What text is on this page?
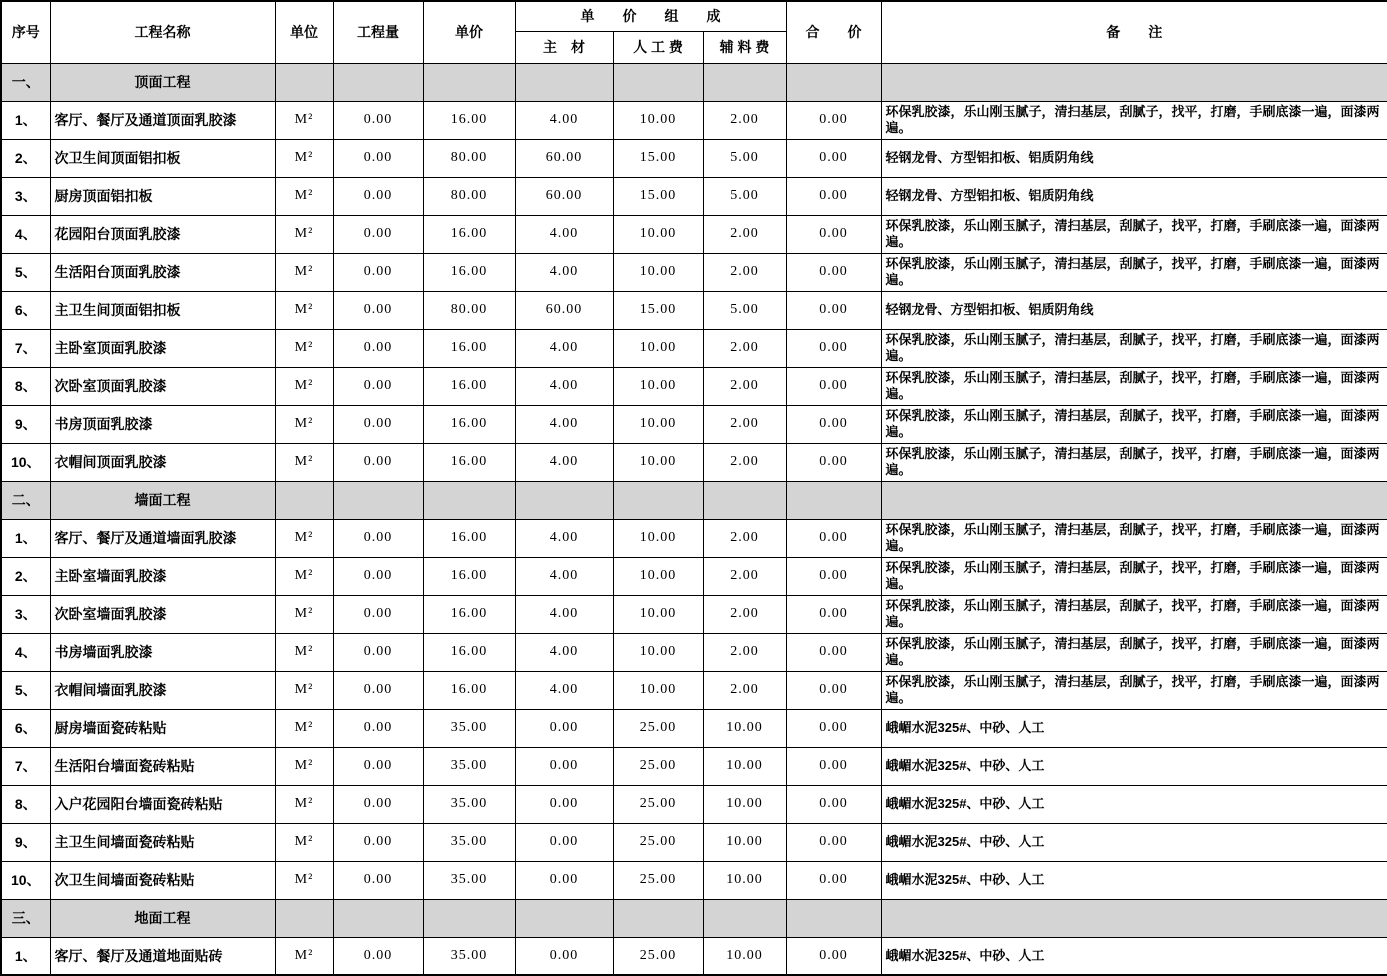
序号	工程名称	单位	工程量	单价	单　　价　　组　　成			合　　价	备　　注
					主　材	人 工 费	辅 料 费		
一、	顶面工程								
1、	客厅、餐厅及通道顶面乳胶漆	M²	0.00	16.00	4.00	10.00	2.00	0.00	环保乳胶漆，乐山刚玉腻子，清扫基层，刮腻子，找平，打磨，手刷底漆一遍，面漆两遍。
2、	次卫生间顶面铝扣板	M²	0.00	80.00	60.00	15.00	5.00	0.00	轻钢龙骨、方型铝扣板、铝质阴角线
3、	厨房顶面铝扣板	M²	0.00	80.00	60.00	15.00	5.00	0.00	轻钢龙骨、方型铝扣板、铝质阴角线
4、	花园阳台顶面乳胶漆	M²	0.00	16.00	4.00	10.00	2.00	0.00	环保乳胶漆，乐山刚玉腻子，清扫基层，刮腻子，找平，打磨，手刷底漆一遍，面漆两遍。
5、	生活阳台顶面乳胶漆	M²	0.00	16.00	4.00	10.00	2.00	0.00	环保乳胶漆，乐山刚玉腻子，清扫基层，刮腻子，找平，打磨，手刷底漆一遍，面漆两遍。
6、	主卫生间顶面铝扣板	M²	0.00	80.00	60.00	15.00	5.00	0.00	轻钢龙骨、方型铝扣板、铝质阴角线
7、	主卧室顶面乳胶漆	M²	0.00	16.00	4.00	10.00	2.00	0.00	环保乳胶漆，乐山刚玉腻子，清扫基层，刮腻子，找平，打磨，手刷底漆一遍，面漆两遍。
8、	次卧室顶面乳胶漆	M²	0.00	16.00	4.00	10.00	2.00	0.00	环保乳胶漆，乐山刚玉腻子，清扫基层，刮腻子，找平，打磨，手刷底漆一遍，面漆两遍。
9、	书房顶面乳胶漆	M²	0.00	16.00	4.00	10.00	2.00	0.00	环保乳胶漆，乐山刚玉腻子，清扫基层，刮腻子，找平，打磨，手刷底漆一遍，面漆两遍。
10、	衣帽间顶面乳胶漆	M²	0.00	16.00	4.00	10.00	2.00	0.00	环保乳胶漆，乐山刚玉腻子，清扫基层，刮腻子，找平，打磨，手刷底漆一遍，面漆两遍。
二、	墙面工程								
1、	客厅、餐厅及通道墙面乳胶漆	M²	0.00	16.00	4.00	10.00	2.00	0.00	环保乳胶漆，乐山刚玉腻子，清扫基层，刮腻子，找平，打磨，手刷底漆一遍，面漆两遍。
2、	主卧室墙面乳胶漆	M²	0.00	16.00	4.00	10.00	2.00	0.00	环保乳胶漆，乐山刚玉腻子，清扫基层，刮腻子，找平，打磨，手刷底漆一遍，面漆两遍。
3、	次卧室墙面乳胶漆	M²	0.00	16.00	4.00	10.00	2.00	0.00	环保乳胶漆，乐山刚玉腻子，清扫基层，刮腻子，找平，打磨，手刷底漆一遍，面漆两遍。
4、	书房墙面乳胶漆	M²	0.00	16.00	4.00	10.00	2.00	0.00	环保乳胶漆，乐山刚玉腻子，清扫基层，刮腻子，找平，打磨，手刷底漆一遍，面漆两遍。
5、	衣帽间墙面乳胶漆	M²	0.00	16.00	4.00	10.00	2.00	0.00	环保乳胶漆，乐山刚玉腻子，清扫基层，刮腻子，找平，打磨，手刷底漆一遍，面漆两遍。
6、	厨房墙面瓷砖粘贴	M²	0.00	35.00	0.00	25.00	10.00	0.00	峨嵋水泥325#、中砂、人工
7、	生活阳台墙面瓷砖粘贴	M²	0.00	35.00	0.00	25.00	10.00	0.00	峨嵋水泥325#、中砂、人工
8、	入户花园阳台墙面瓷砖粘贴	M²	0.00	35.00	0.00	25.00	10.00	0.00	峨嵋水泥325#、中砂、人工
9、	主卫生间墙面瓷砖粘贴	M²	0.00	35.00	0.00	25.00	10.00	0.00	峨嵋水泥325#、中砂、人工
10、	次卫生间墙面瓷砖粘贴	M²	0.00	35.00	0.00	25.00	10.00	0.00	峨嵋水泥325#、中砂、人工
三、	地面工程								
1、	客厅、餐厅及通道地面贴砖	M²	0.00	35.00	0.00	25.00	10.00	0.00	峨嵋水泥325#、中砂、人工
